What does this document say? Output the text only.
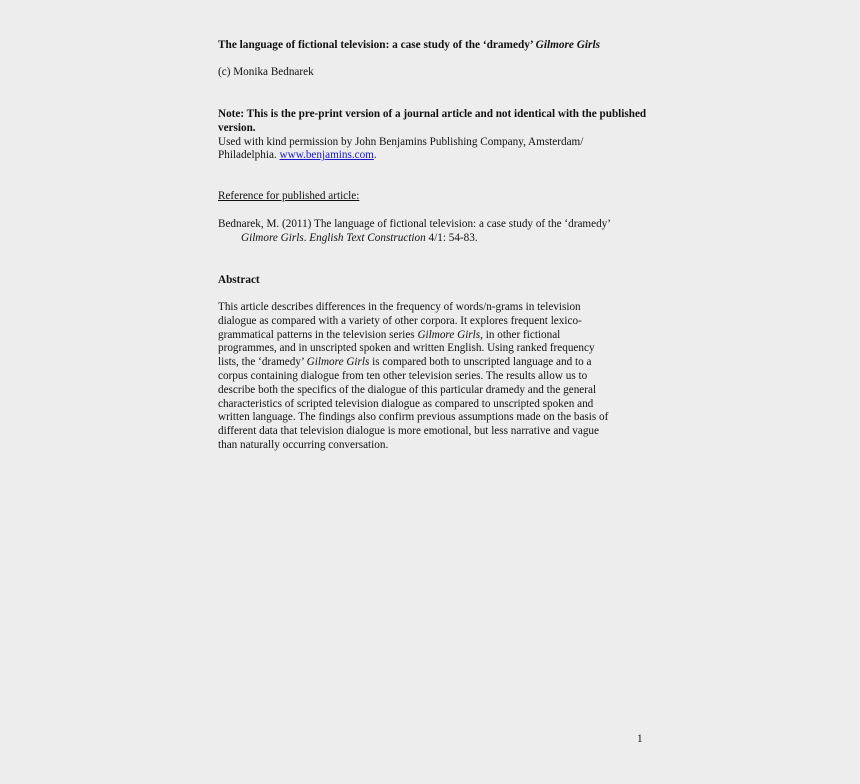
The language of fictional television: a case study of the ‘dramedy’ Gilmore Girls
(c) Monika Bednarek
Note: This is the pre-print version of a journal article and not identical with the published version.
Used with kind permission by John Benjamins Publishing Company, Amsterdam/
Philadelphia. www.benjamins.com.
Reference for published article:
Bednarek, M. (2011) The language of fictional television: a case study of the ‘dramedy’
Gilmore Girls. English Text Construction 4/1: 54-83.
Abstract
This article describes differences in the frequency of words/n-grams in television
dialogue as compared with a variety of other corpora. It explores frequent lexico-
grammatical patterns in the television series Gilmore Girls, in other fictional
programmes, and in unscripted spoken and written English. Using ranked frequency
lists, the ‘dramedy’ Gilmore Girls is compared both to unscripted language and to a
corpus containing dialogue from ten other television series. The results allow us to
describe both the specifics of the dialogue of this particular dramedy and the general
characteristics of scripted television dialogue as compared to unscripted spoken and
written language. The findings also confirm previous assumptions made on the basis of
different data that television dialogue is more emotional, but less narrative and vague
than naturally occurring conversation.
1
